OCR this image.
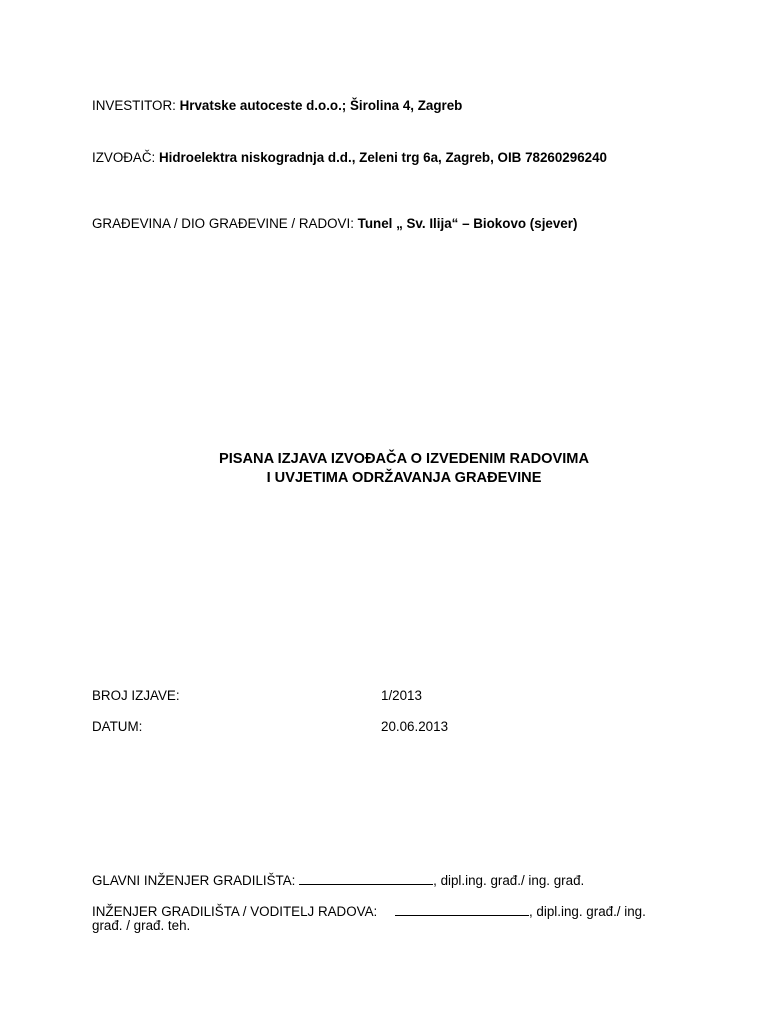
INVESTITOR: Hrvatske autoceste d.o.o.; Širolina 4, Zagreb
IZVOĐAČ: Hidroelektra niskogradnja d.d., Zeleni trg 6a, Zagreb, OIB 78260296240
GRAĐEVINA / DIO GRAĐEVINE / RADOVI: Tunel „ Sv. Ilija“ – Biokovo (sjever)
PISANA IZJAVA IZVOĐAČA O IZVEDENIM RADOVIMA
I UVJETIMA ODRŽAVANJA GRAĐEVINE
BROJ IZJAVE:	1/2013
DATUM:	20.06.2013
GLAVNI INŽENJER GRADILIŠTA:	, dipl.ing. građ./ ing. građ.
INŽENJER GRADILIŠTA / VODITELJ RADOVA:	, dipl.ing. građ./ ing.
građ. / građ. teh.
